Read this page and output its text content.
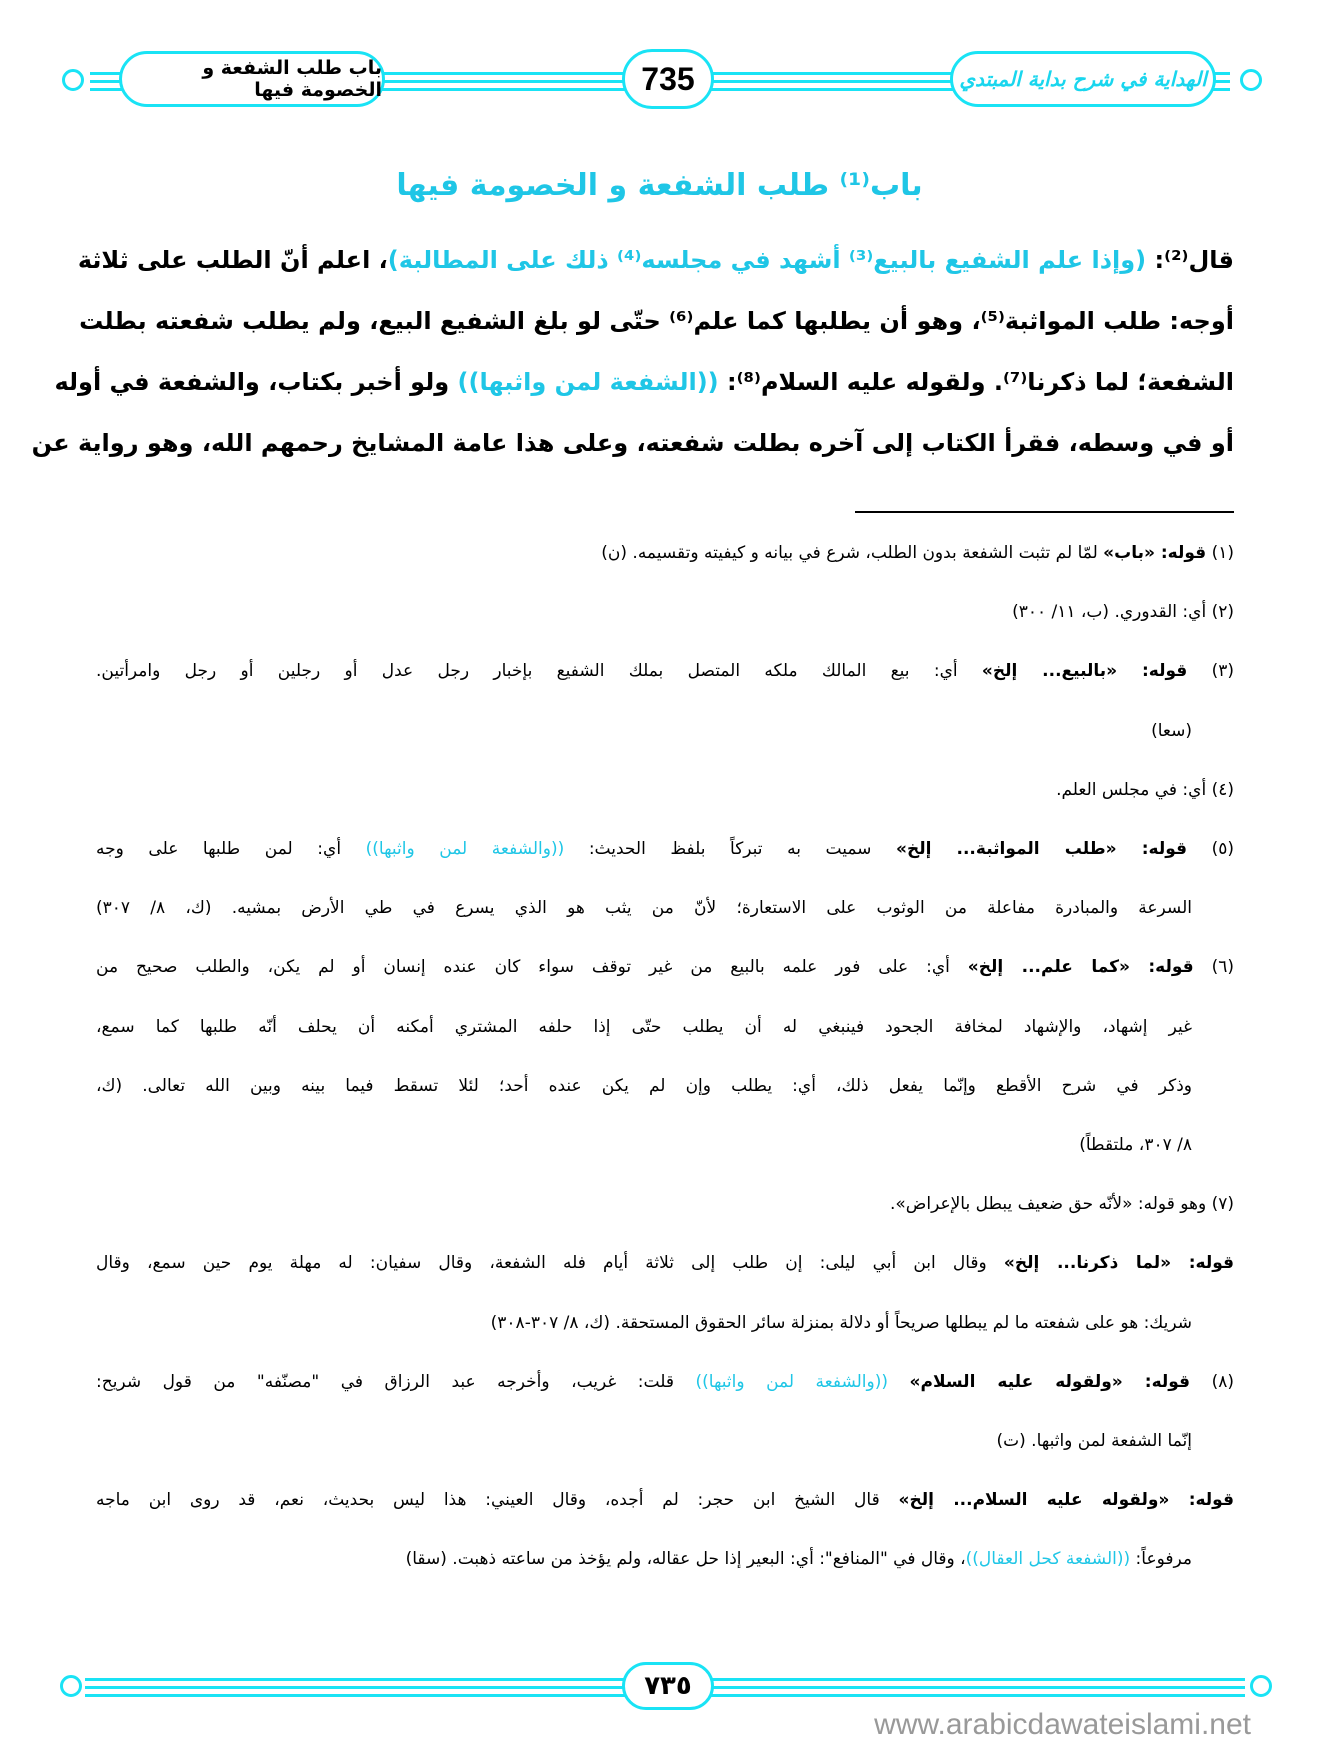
باب طلب الشفعة و الخصومة فيها	735	الهداية في شرح بداية المبتدي
باب⁽¹⁾ طلب الشفعة و الخصومة فيها
قال⁽²⁾: (وإذا علم الشفيع بالبيع⁽³⁾ أشهد في مجلسه⁽⁴⁾ ذلك على المطالبة)، اعلم أنّ الطلب على ثلاثة
أوجه: طلب المواثبة⁽⁵⁾، وهو أن يطلبها كما علم⁽⁶⁾ حتّى لو بلغ الشفيع البيع، ولم يطلب شفعته بطلت
الشفعة؛ لما ذكرنا⁽⁷⁾. ولقوله عليه السلام⁽⁸⁾: ((الشفعة لمن واثبها)) ولو أخبر بكتاب، والشفعة في أوله
أو في وسطه، فقرأ الكتاب إلى آخره بطلت شفعته، وعلى هذا عامة المشايخ رحمهم الله، وهو رواية عن
(١) قوله: «باب» لمّا لم تثبت الشفعة بدون الطلب، شرع في بيانه و كيفيته وتقسيمه. (ن)
(٢) أي: القدوري. (ب، ١١/ ٣٠٠)
(٣) قوله: «بالبيع... إلخ» أي: بيع المالك ملكه المتصل بملك الشفيع بإخبار رجل عدل أو رجلين أو رجل وامرأتين.
(سعا)
(٤) أي: في مجلس العلم.
(٥) قوله: «طلب المواثبة... إلخ» سميت به تبركاً بلفظ الحديث: ((والشفعة لمن واثبها)) أي: لمن طلبها على وجه
السرعة والمبادرة مفاعلة من الوثوب على الاستعارة؛ لأنّ من يثب هو الذي يسرع في طي الأرض بمشيه. (ك، ٨/ ٣٠٧)
(٦) قوله: «كما علم... إلخ» أي: على فور علمه بالبيع من غير توقف سواء كان عنده إنسان أو لم يكن، والطلب صحيح من
غير إشهاد، والإشهاد لمخافة الجحود فينبغي له أن يطلب حتّى إذا حلفه المشتري أمكنه أن يحلف أنّه طلبها كما سمع،
وذكر في شرح الأقطع وإنّما يفعل ذلك، أي: يطلب وإن لم يكن عنده أحد؛ لئلا تسقط فيما بينه وبين الله تعالى. (ك،
٨/ ٣٠٧، ملتقطاً)
(٧) وهو قوله: «لأنّه حق ضعيف يبطل بالإعراض».
قوله: «لما ذكرنا... إلخ» وقال ابن أبي ليلى: إن طلب إلى ثلاثة أيام فله الشفعة، وقال سفيان: له مهلة يوم حين سمع، وقال
شريك: هو على شفعته ما لم يبطلها صريحاً أو دلالة بمنزلة سائر الحقوق المستحقة. (ك، ٨/ ٣٠٧-٣٠٨)
(٨) قوله: «ولقوله عليه السلام» ((والشفعة لمن واثبها)) قلت: غريب، وأخرجه عبد الرزاق في "مصنّفه" من قول شريح:
إنّما الشفعة لمن واثبها. (ت)
قوله: «ولقوله عليه السلام... إلخ» قال الشيخ ابن حجر: لم أجده، وقال العيني: هذا ليس بحديث، نعم، قد روى ابن ماجه
مرفوعاً: ((الشفعة كحل العقال))، وقال في "المنافع": أي: البعير إذا حل عقاله، ولم يؤخذ من ساعته ذهبت. (سقا)
٧٣٥
www.arabicdawateislami.net
